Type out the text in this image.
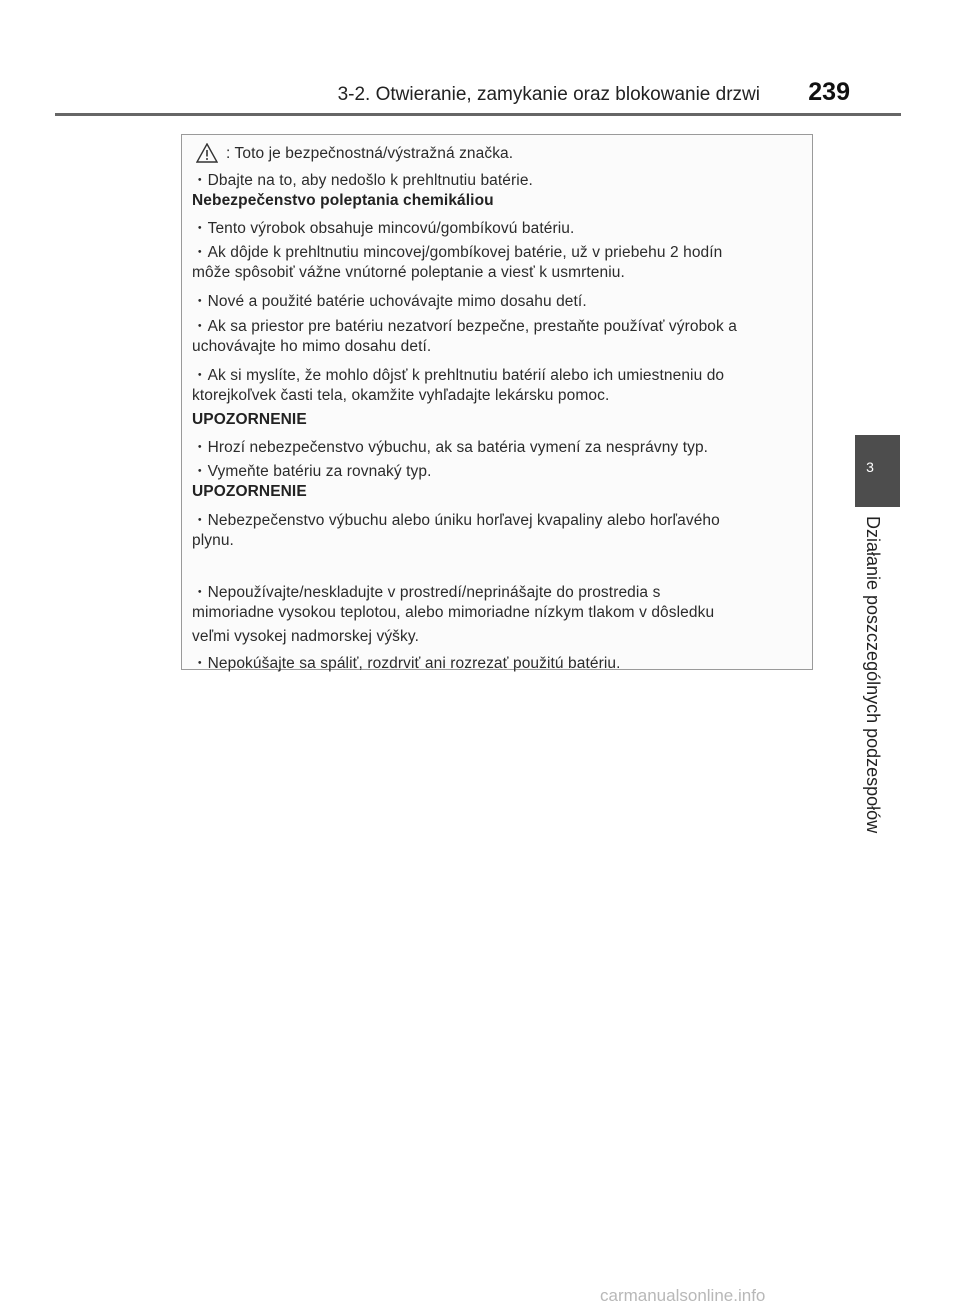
3-2. Otwieranie, zamykanie oraz blokowanie drzwi	239
: Toto je bezpečnostná/výstražná značka.
・Dbajte na to, aby nedošlo k prehltnutiu batérie.
Nebezpečenstvo poleptania chemikáliou
・Tento výrobok obsahuje mincovú/gombíkovú batériu.
・Ak dôjde k prehltnutiu mincovej/gombíkovej batérie, už v priebehu 2 hodín
môže spôsobiť vážne vnútorné poleptanie a viesť k usmrteniu.
・Nové a použité batérie uchovávajte mimo dosahu detí.
・Ak sa priestor pre batériu nezatvorí bezpečne, prestaňte používať výrobok a
uchovávajte ho mimo dosahu detí.
・Ak si myslíte, že mohlo dôjsť k prehltnutiu batérií alebo ich umiestneniu do
ktorejkoľvek časti tela, okamžite vyhľadajte lekársku pomoc.
UPOZORNENIE
・Hrozí nebezpečenstvo výbuchu, ak sa batéria vymení za nesprávny typ.
・Vymeňte batériu za rovnaký typ.
UPOZORNENIE
・Nebezpečenstvo výbuchu alebo úniku horľavej kvapaliny alebo horľavého
plynu.
・Nepoužívajte/neskladujte v prostredí/neprinášajte do prostredia s
mimoriadne vysokou teplotou, alebo mimoriadne nízkym tlakom v dôsledku
veľmi vysokej nadmorskej výšky.
・Nepokúšajte sa spáliť, rozdrviť ani rozrezať použitú batériu.
3
Działanie poszczególnych podzespołów
carmanualsonline.info
